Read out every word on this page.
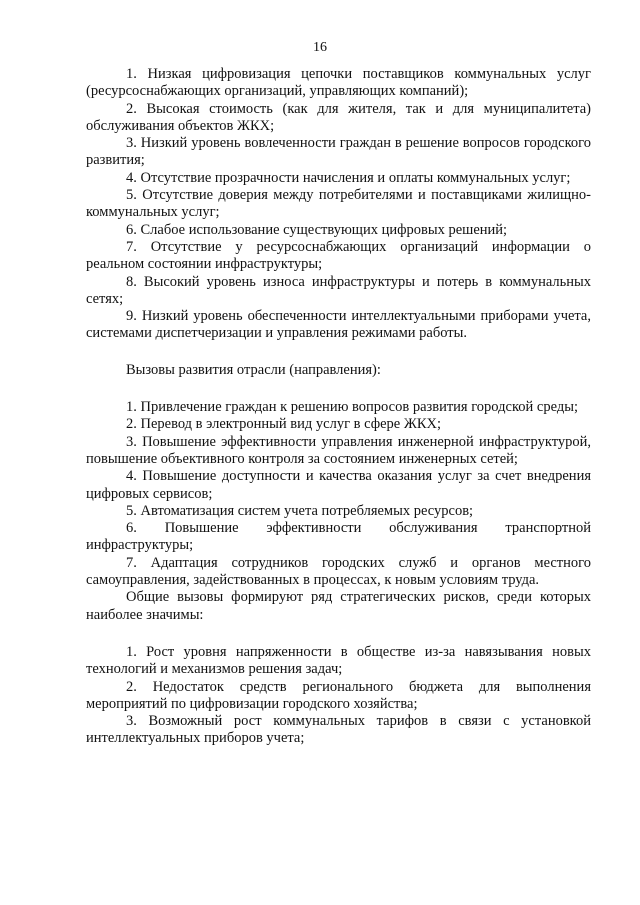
16

1. Низкая цифровизация цепочки поставщиков коммунальных услуг (ресурсоснабжающих организаций, управляющих компаний);

2. Высокая стоимость (как для жителя, так и для муниципалитета) обслуживания объектов ЖКХ;

3. Низкий уровень вовлеченности граждан в решение вопросов городского развития;

4. Отсутствие прозрачности начисления и оплаты коммунальных услуг;

5. Отсутствие доверия между потребителями и поставщиками жилищно-коммунальных услуг;

6. Слабое использование существующих цифровых решений;

7. Отсутствие у ресурсоснабжающих организаций информации о реальном состоянии инфраструктуры;

8. Высокий уровень износа инфраструктуры и потерь в коммунальных сетях;

9. Низкий уровень обеспеченности интеллектуальными приборами учета, системами диспетчеризации и управления режимами работы.

Вызовы развития отрасли (направления):

1. Привлечение граждан к решению вопросов развития городской среды;

2. Перевод в электронный вид услуг в сфере ЖКХ;

3. Повышение эффективности управления инженерной инфраструктурой, повышение объективного контроля за состоянием инженерных сетей;

4. Повышение доступности и качества оказания услуг за счет внедрения цифровых сервисов;

5. Автоматизация систем учета потребляемых ресурсов;

6. Повышение эффективности обслуживания транспортной инфраструктуры;

7. Адаптация сотрудников городских служб и органов местного самоуправления, задействованных в процессах, к новым условиям труда.

Общие вызовы формируют ряд стратегических рисков, среди которых наиболее значимы:

1. Рост уровня напряженности в обществе из-за навязывания новых технологий и механизмов решения задач;

2. Недостаток средств регионального бюджета для выполнения мероприятий по цифровизации городского хозяйства;

3. Возможный рост коммунальных тарифов в связи с установкой интеллектуальных приборов учета;
